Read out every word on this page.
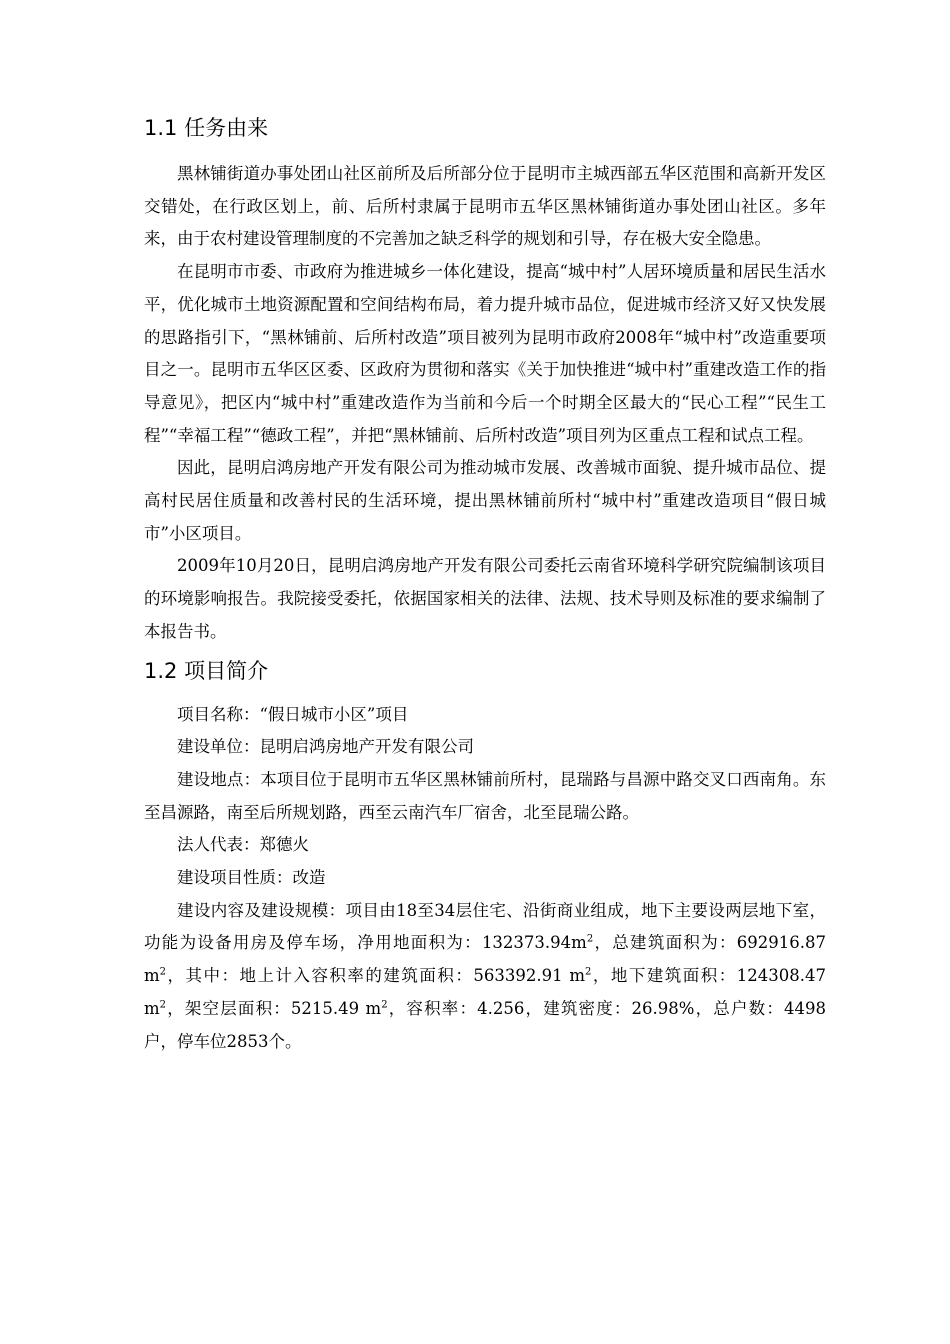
1.1 任务由来

黑林铺街道办事处团山社区前所及后所部分位于昆明市主城西部五华区范围和高新开发区交错处，在行政区划上，前、后所村隶属于昆明市五华区黑林铺街道办事处团山社区。多年来，由于农村建设管理制度的不完善加之缺乏科学的规划和引导，存在极大安全隐患。

在昆明市市委、市政府为推进城乡一体化建设，提高“城中村”人居环境质量和居民生活水平，优化城市土地资源配置和空间结构布局，着力提升城市品位，促进城市经济又好又快发展的思路指引下，“黑林铺前、后所村改造”项目被列为昆明市政府2008年“城中村”改造重要项目之一。昆明市五华区区委、区政府为贯彻和落实《关于加快推进“城中村”重建改造工作的指导意见》，把区内“城中村”重建改造作为当前和今后一个时期全区最大的“民心工程”“民生工程”“幸福工程”“德政工程”，并把“黑林铺前、后所村改造”项目列为区重点工程和试点工程。

因此，昆明启鸿房地产开发有限公司为推动城市发展、改善城市面貌、提升城市品位、提高村民居住质量和改善村民的生活环境，提出黑林铺前所村“城中村”重建改造项目“假日城市”小区项目。

2009年10月20日，昆明启鸿房地产开发有限公司委托云南省环境科学研究院编制该项目的环境影响报告。我院接受委托，依据国家相关的法律、法规、技术导则及标准的要求编制了本报告书。

1.2 项目简介

项目名称：“假日城市小区”项目

建设单位：昆明启鸿房地产开发有限公司

建设地点：本项目位于昆明市五华区黑林铺前所村，昆瑞路与昌源中路交叉口西南角。东至昌源路，南至后所规划路，西至云南汽车厂宿舍，北至昆瑞公路。

法人代表：郑德火

建设项目性质：改造

建设内容及建设规模：项目由18至34层住宅、沿街商业组成，地下主要设两层地下室，功能为设备用房及停车场，净用地面积为：$132373.94m^2$，总建筑面积为：692916.87 $m^2$，其中：地上计入容积率的建筑面积：563392.91 $m^2$，地下建筑面积：124308.47 $m^2$，架空层面积：5215.49 $m^2$，容积率：4.256，建筑密度：26.98%，总户数：4498户，停车位2853个。
